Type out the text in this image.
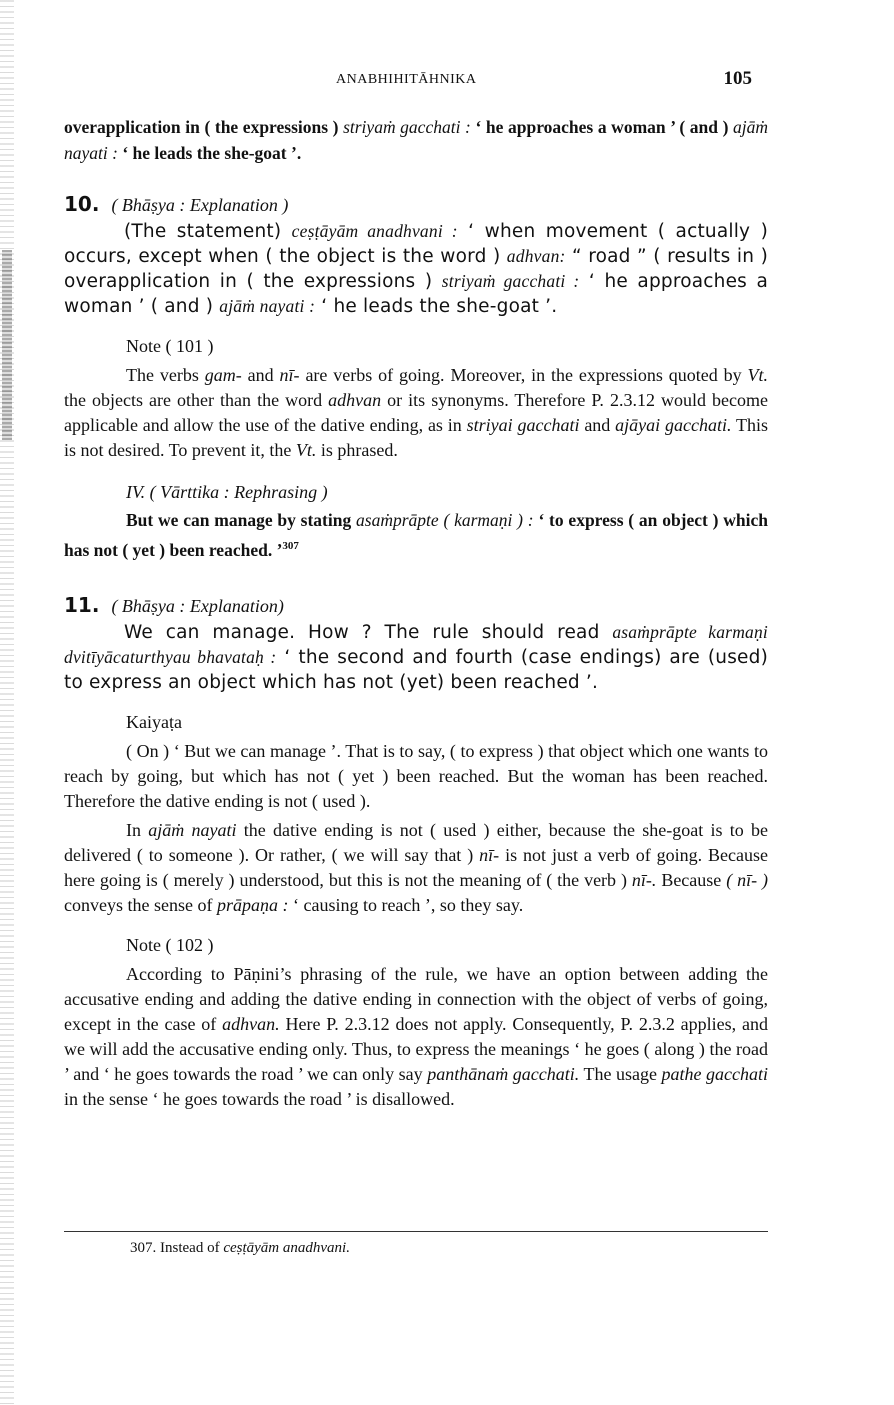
ANABHIHITĀHNIKA	105

overapplication in ( the expressions ) striyaṁ gacchati : ‘ he approaches a woman ’ ( and ) ajāṁ nayati : ‘ he leads the she-goat ’.

10. ( Bhāṣya : Explanation )

(The statement) ceṣṭāyām anadhvani : ‘ when movement ( actually ) occurs, except when ( the object is the word ) adhvan: “ road ” ( results in ) overapplication in ( the expressions ) striyaṁ gacchati : ‘ he approaches a woman ’ ( and ) ajāṁ nayati : ‘ he leads the she-goat ’.

Note ( 101 )

The verbs gam- and nī- are verbs of going. Moreover, in the expressions quoted by Vt. the objects are other than the word adhvan or its synonyms. Therefore P. 2.3.12 would become applicable and allow the use of the dative ending, as in striyai gacchati and ajāyai gacchati. This is not desired. To prevent it, the Vt. is phrased.

IV. ( Vārttika : Rephrasing )

But we can manage by stating asaṁprāpte ( karmaṇi ) : ‘ to express ( an object ) which has not ( yet ) been reached. ’$^{307}$

11. ( Bhāṣya : Explanation)

We can manage. How ? The rule should read asaṁprāpte karmaṇi dvitīyācaturthyau bhavataḥ : ‘ the second and fourth (case endings) are (used) to express an object which has not (yet) been reached ’.

Kaiyaṭa

( On ) ‘ But we can manage ’. That is to say, ( to express ) that object which one wants to reach by going, but which has not ( yet ) been reached. But the woman has been reached. Therefore the dative ending is not ( used ).

In ajāṁ nayati the dative ending is not ( used ) either, because the she-goat is to be delivered ( to someone ). Or rather, ( we will say that ) nī- is not just a verb of going. Because here going is ( merely ) understood, but this is not the meaning of ( the verb ) nī-. Because ( nī- ) conveys the sense of prāpaṇa : ‘ causing to reach ’, so they say.

Note ( 102 )

According to Pāṇini’s phrasing of the rule, we have an option between adding the accusative ending and adding the dative ending in connection with the object of verbs of going, except in the case of adhvan. Here P. 2.3.12 does not apply. Consequently, P. 2.3.2 applies, and we will add the accusative ending only. Thus, to express the meanings ‘ he goes ( along ) the road ’ and ‘ he goes towards the road ’ we can only say panthānaṁ gacchati. The usage pathe gacchati in the sense ‘ he goes towards the road ’ is disallowed.

307. Instead of ceṣṭāyām anadhvani.
